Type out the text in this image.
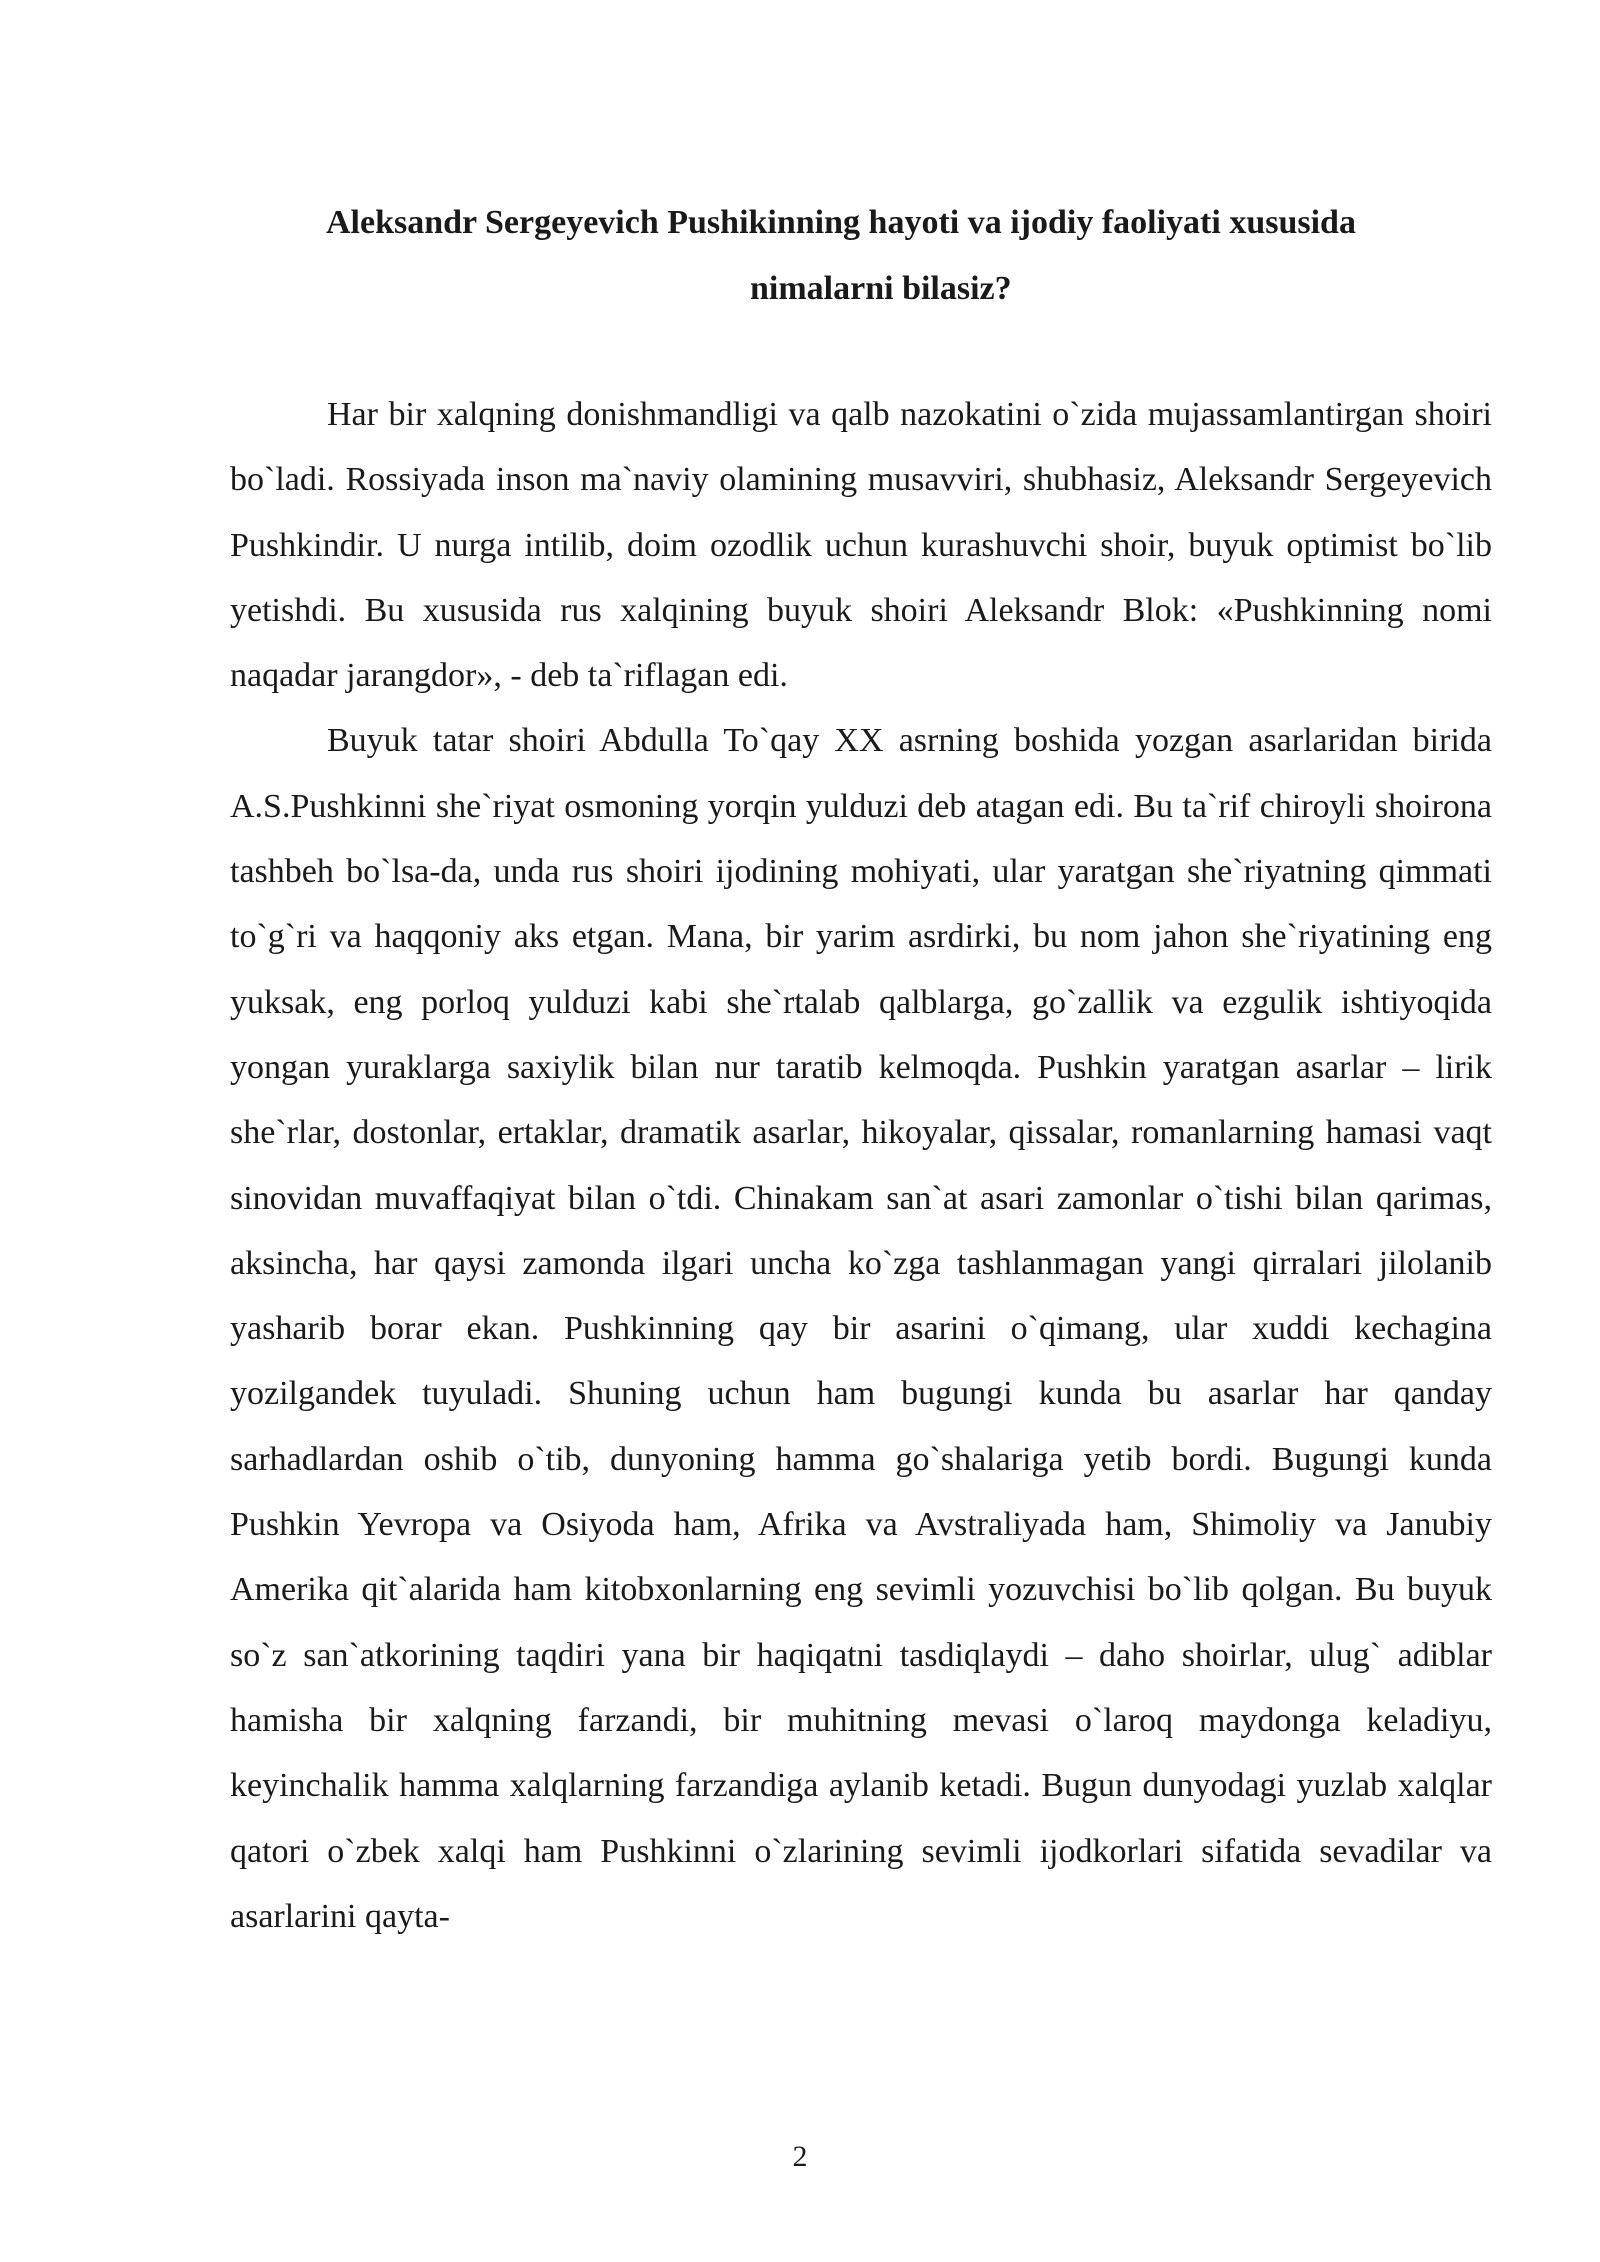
Aleksandr Sergeyevich Pushikinning hayoti va ijodiy faoliyati xususida
nimalarni bilasiz?

Har bir xalqning donishmandligi va qalb nazokatini o`zida mujassamlantirgan shoiri bo`ladi. Rossiyada inson ma`naviy olamining musavviri, shubhasiz, Aleksandr Sergeyevich Pushkindir. U nurga intilib, doim ozodlik uchun kurashuvchi shoir, buyuk optimist bo`lib yetishdi. Bu xususida rus xalqining buyuk shoiri Aleksandr Blok: «Pushkinning nomi naqadar jarangdor», - deb ta`riflagan edi.

Buyuk tatar shoiri Abdulla To`qay XX asrning boshida yozgan asarlaridan birida A.S.Pushkinni she`riyat osmoning yorqin yulduzi deb atagan edi. Bu ta`rif chiroyli shoirona tashbeh bo`lsa-da, unda rus shoiri ijodining mohiyati, ular yaratgan she`riyatning qimmati to`g`ri va haqqoniy aks etgan. Mana, bir yarim asrdirki, bu nom jahon she`riyatining eng yuksak, eng porloq yulduzi kabi she`rtalab qalblarga, go`zallik va ezgulik ishtiyoqida yongan yuraklarga saxiylik bilan nur taratib kelmoqda. Pushkin yaratgan asarlar – lirik she`rlar, dostonlar, ertaklar, dramatik asarlar, hikoyalar, qissalar, romanlarning hamasi vaqt sinovidan muvaffaqiyat bilan o`tdi. Chinakam san`at asari zamonlar o`tishi bilan qarimas, aksincha, har qaysi zamonda ilgari uncha ko`zga tashlanmagan yangi qirralari jilolanib yasharib borar ekan. Pushkinning qay bir asarini o`qimang, ular xuddi kechagina yozilgandek tuyuladi. Shuning uchun ham bugungi kunda bu asarlar har qanday sarhadlardan oshib o`tib, dunyoning hamma go`shalariga yetib bordi. Bugungi kunda Pushkin Yevropa va Osiyoda ham, Afrika va Avstraliyada ham, Shimoliy va Janubiy Amerika qit`alarida ham kitobxonlarning eng sevimli yozuvchisi bo`lib qolgan. Bu buyuk so`z san`atkorining taqdiri yana bir haqiqatni tasdiqlaydi – daho shoirlar, ulug` adiblar hamisha bir xalqning farzandi, bir muhitning mevasi o`laroq maydonga keladiyu, keyinchalik hamma xalqlarning farzandiga aylanib ketadi. Bugun dunyodagi yuzlab xalqlar qatori o`zbek xalqi ham Pushkinni o`zlarining sevimli ijodkorlari sifatida sevadilar va asarlarini qayta-

2
